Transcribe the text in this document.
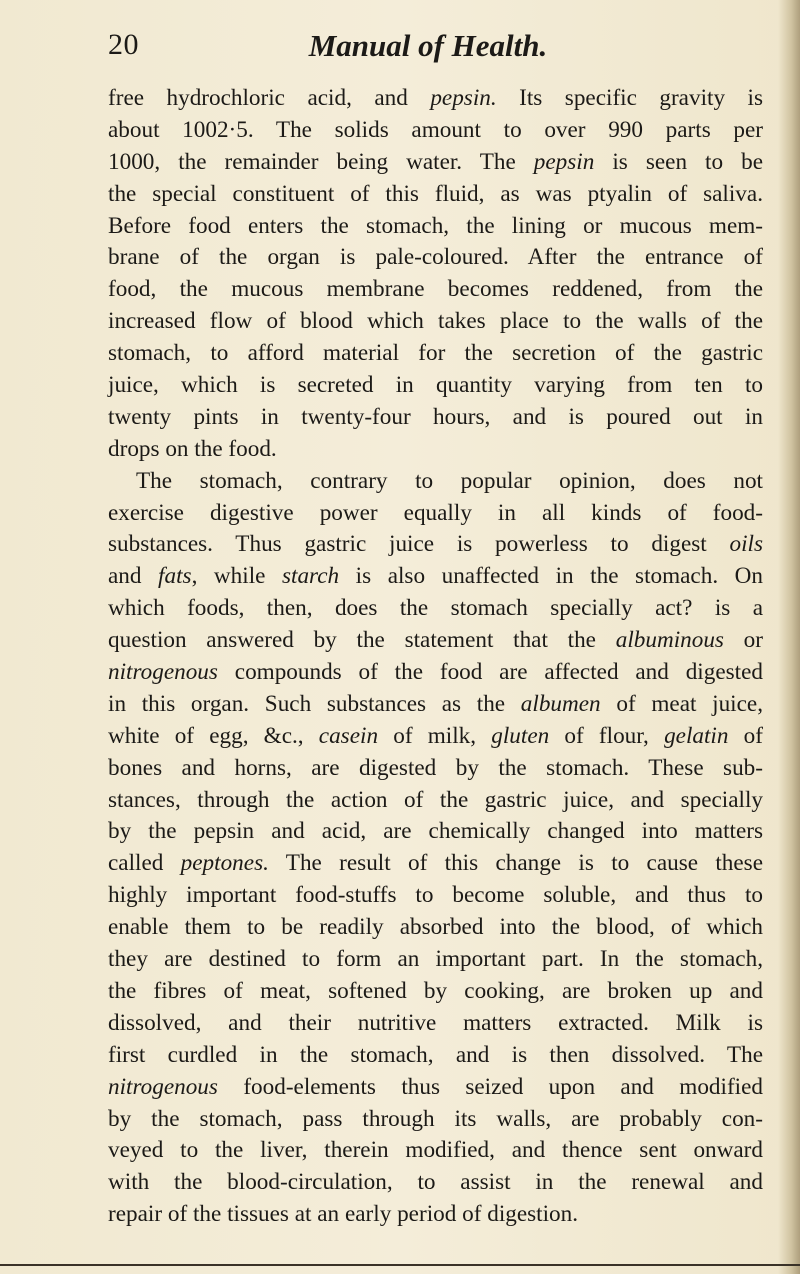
20	Manual of Health.
free hydrochloric acid, and pepsin. Its specific gravity is
about 1002·5. The solids amount to over 990 parts per
1000, the remainder being water. The pepsin is seen to be
the special constituent of this fluid, as was ptyalin of saliva.
Before food enters the stomach, the lining or mucous mem-
brane of the organ is pale-coloured. After the entrance of
food, the mucous membrane becomes reddened, from the
increased flow of blood which takes place to the walls of the
stomach, to afford material for the secretion of the gastric
juice, which is secreted in quantity varying from ten to
twenty pints in twenty-four hours, and is poured out in
drops on the food.
The stomach, contrary to popular opinion, does not
exercise digestive power equally in all kinds of food-
substances. Thus gastric juice is powerless to digest oils
and fats, while starch is also unaffected in the stomach. On
which foods, then, does the stomach specially act? is a
question answered by the statement that the albuminous or
nitrogenous compounds of the food are affected and digested
in this organ. Such substances as the albumen of meat juice,
white of egg, &c., casein of milk, gluten of flour, gelatin of
bones and horns, are digested by the stomach. These sub-
stances, through the action of the gastric juice, and specially
by the pepsin and acid, are chemically changed into matters
called peptones. The result of this change is to cause these
highly important food-stuffs to become soluble, and thus to
enable them to be readily absorbed into the blood, of which
they are destined to form an important part. In the stomach,
the fibres of meat, softened by cooking, are broken up and
dissolved, and their nutritive matters extracted. Milk is
first curdled in the stomach, and is then dissolved. The
nitrogenous food-elements thus seized upon and modified
by the stomach, pass through its walls, are probably con-
veyed to the liver, therein modified, and thence sent onward
with the blood-circulation, to assist in the renewal and
repair of the tissues at an early period of digestion.
